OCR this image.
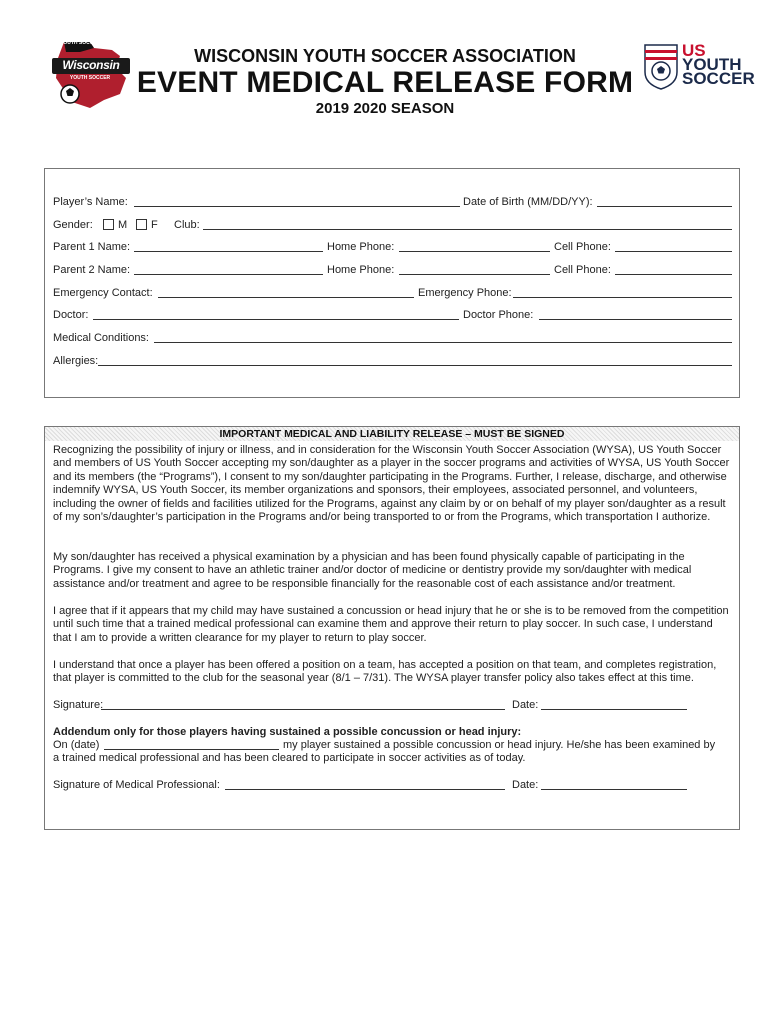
WISCONSIN YOUTH SOCCER ASSOCIATION
EVENT MEDICAL RELEASE FORM
2019 2020 SEASON
YOUTH SOCCER
Wisconsin
YOUTH SOCCER
US
YOUTH
SOCCER
Player’s Name:	Date of Birth (MM/DD/YY):
Gender: M F Club:
Parent 1 Name:	Home Phone:	Cell Phone:
Parent 2 Name:	Home Phone:	Cell Phone:
Emergency Contact:	Emergency Phone:
Doctor:	Doctor Phone:
Medical Conditions:
Allergies:
IMPORTANT MEDICAL AND LIABILITY RELEASE – MUST BE SIGNED
Recognizing the possibility of injury or illness, and in consideration for the Wisconsin Youth Soccer Association (WYSA), US Youth Soccer and members of US Youth Soccer accepting my son/daughter as a player in the soccer programs and activities of WYSA, US Youth Soccer and its members (the “Programs”), I consent to my son/daughter participating in the Programs. Further, I release, discharge, and otherwise indemnify WYSA, US Youth Soccer, its member organizations and sponsors, their employees, associated personnel, and volunteers, including the owner of fields and facilities utilized for the Programs, against any claim by or on behalf of my player son/daughter as a result of my son’s/daughter’s participation in the Programs and/or being transported to or from the Programs, which transportation I authorize.
My son/daughter has received a physical examination by a physician and has been found physically capable of participating in the Programs. I give my consent to have an athletic trainer and/or doctor of medicine or dentistry provide my son/daughter with medical assistance and/or treatment and agree to be responsible financially for the reasonable cost of each assistance and/or treatment.
I agree that if it appears that my child may have sustained a concussion or head injury that he or she is to be removed from the competition until such time that a trained medical professional can examine them and approve their return to play soccer. In such case, I understand that I am to provide a written clearance for my player to return to play soccer.
I understand that once a player has been offered a position on a team, has accepted a position on that team, and completes registration, that player is committed to the club for the seasonal year (8/1 – 7/31). The WYSA player transfer policy also takes effect at this time.
Signature:	Date:
Addendum only for those players having sustained a possible concussion or head injury:
On (date)	my player sustained a possible concussion or head injury. He/she has been examined by
a trained medical professional and has been cleared to participate in soccer activities as of today.
Signature of Medical Professional:	Date:
